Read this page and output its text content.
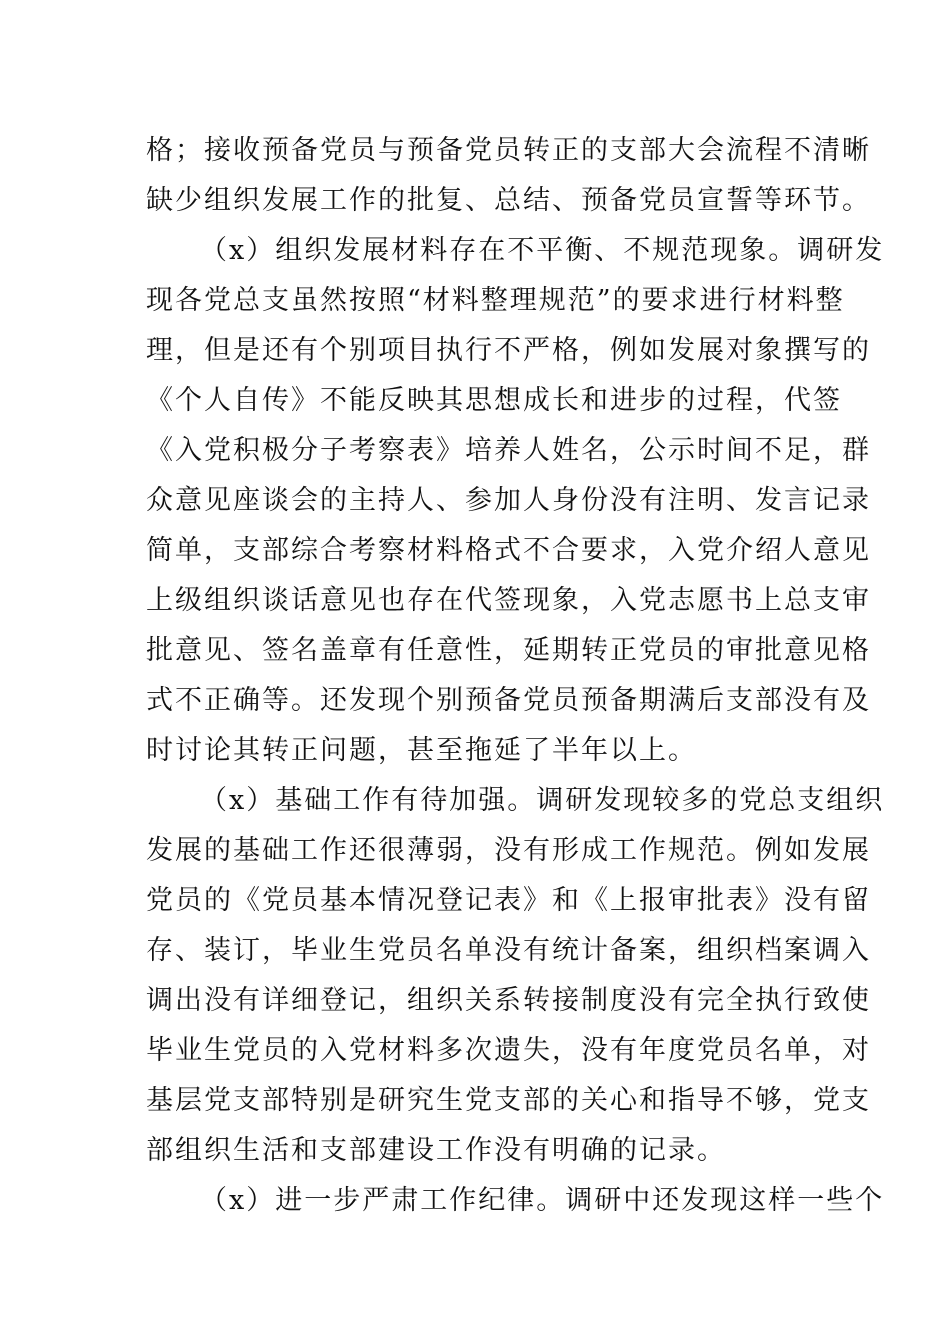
格；接收预备党员与预备党员转正的支部大会流程不清晰
缺少组织发展工作的批复、总结、预备党员宣誓等环节。
（x）组织发展材料存在不平衡、不规范现象。调研发
现各党总支虽然按照“材料整理规范”的要求进行材料整
理，但是还有个别项目执行不严格，例如发展对象撰写的
《个人自传》不能反映其思想成长和进步的过程，代签
《入党积极分子考察表》培养人姓名，公示时间不足，群
众意见座谈会的主持人、参加人身份没有注明、发言记录
简单，支部综合考察材料格式不合要求，入党介绍人意见
上级组织谈话意见也存在代签现象，入党志愿书上总支审
批意见、签名盖章有任意性，延期转正党员的审批意见格
式不正确等。还发现个别预备党员预备期满后支部没有及
时讨论其转正问题，甚至拖延了半年以上。
（x）基础工作有待加强。调研发现较多的党总支组织
发展的基础工作还很薄弱，没有形成工作规范。例如发展
党员的《党员基本情况登记表》和《上报审批表》没有留
存、装订，毕业生党员名单没有统计备案，组织档案调入
调出没有详细登记，组织关系转接制度没有完全执行致使
毕业生党员的入党材料多次遗失，没有年度党员名单，对
基层党支部特别是研究生党支部的关心和指导不够，党支
部组织生活和支部建设工作没有明确的记录。
（x）进一步严肃工作纪律。调研中还发现这样一些个
